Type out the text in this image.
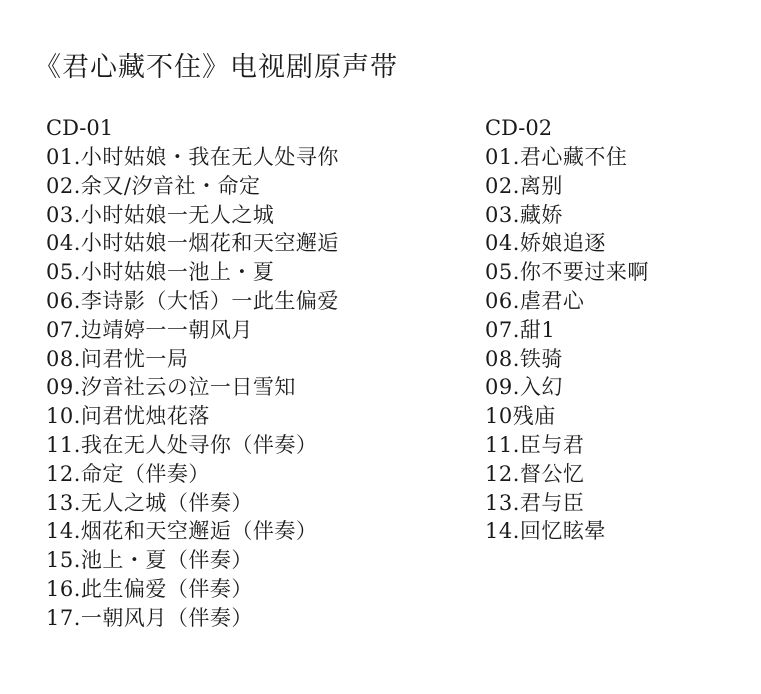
《君心藏不住》电视剧原声带
CD-01
01.小时姑娘・我在无人处寻你
02.余又/汐音社・命定
03.小时姑娘一无人之城
04.小时姑娘一烟花和天空邂逅
05.小时姑娘一池上・夏
06.李诗影（大恬）一此生偏爱
07.边靖婷一一朝风月
08.问君忧一局
09.汐音社云の泣一日雪知
10.问君忧烛花落
11.我在无人处寻你（伴奏）
12.命定（伴奏）
13.无人之城（伴奏）
14.烟花和天空邂逅（伴奏）
15.池上・夏（伴奏）
16.此生偏爱（伴奏）
17.一朝风月（伴奏）
CD-02
01.君心藏不住
02.离别
03.藏娇
04.娇娘追逐
05.你不要过来啊
06.虐君心
07.甜1
08.铁骑
09.入幻
10残庙
11.臣与君
12.督公忆
13.君与臣
14.回忆眩晕
